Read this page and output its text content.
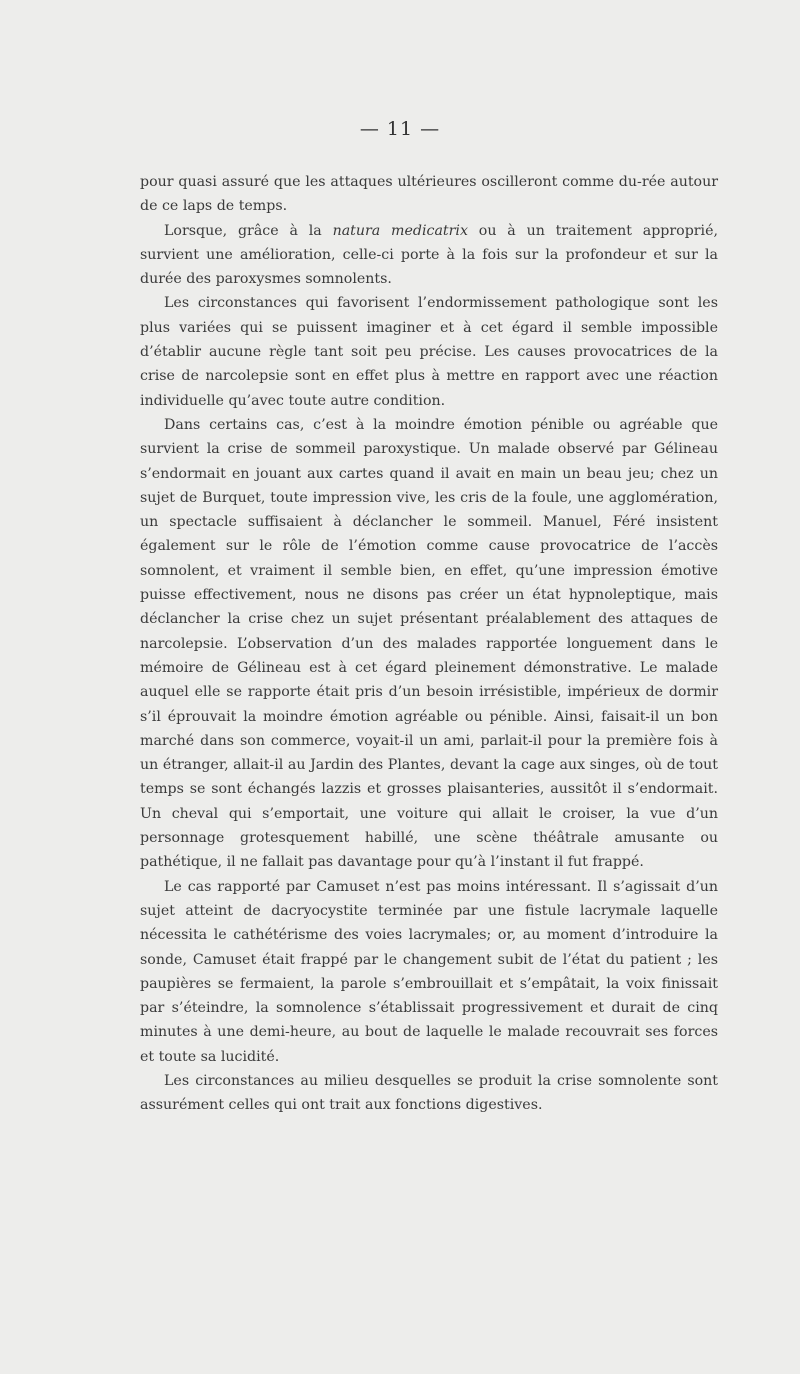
— 11 —

pour quasi assuré que les attaques ultérieures oscilleront comme du-rée autour de ce laps de temps.

Lorsque, grâce à la natura medicatrix ou à un traitement approprié, survient une amélioration, celle-ci porte à la fois sur la profondeur et sur la durée des paroxysmes somnolents.

Les circonstances qui favorisent l’endormissement pathologique sont les plus variées qui se puissent imaginer et à cet égard il semble impossible d’établir aucune règle tant soit peu précise. Les causes provocatrices de la crise de narcolepsie sont en effet plus à mettre en rapport avec une réaction individuelle qu’avec toute autre condition.

Dans certains cas, c’est à la moindre émotion pénible ou agréable que survient la crise de sommeil paroxystique. Un malade observé par Gélineau s’endormait en jouant aux cartes quand il avait en main un beau jeu; chez un sujet de Burquet, toute impression vive, les cris de la foule, une agglomération, un spectacle suffisaient à déclancher le sommeil. Manuel, Féré insistent également sur le rôle de l’émotion comme cause provocatrice de l’accès somnolent, et vraiment il semble bien, en effet, qu’une impression émotive puisse effectivement, nous ne disons pas créer un état hypnoleptique, mais déclancher la crise chez un sujet présentant préalablement des attaques de narcolepsie. L’observation d’un des malades rapportée longuement dans le mémoire de Gélineau est à cet égard pleinement démonstrative. Le malade auquel elle se rapporte était pris d’un besoin irrésistible, impérieux de dormir s’il éprouvait la moindre émotion agréable ou pénible. Ainsi, faisait-il un bon marché dans son commerce, voyait-il un ami, parlait-il pour la première fois à un étranger, allait-il au Jardin des Plantes, devant la cage aux singes, où de tout temps se sont échangés lazzis et grosses plaisanteries, aussitôt il s’endormait. Un cheval qui s’emportait, une voiture qui allait le croiser, la vue d’un personnage grotesquement habillé, une scène théâtrale amusante ou pathétique, il ne fallait pas davantage pour qu’à l’instant il fut frappé.

Le cas rapporté par Camuset n’est pas moins intéressant. Il s’agissait d’un sujet atteint de dacryocystite terminée par une fistule lacrymale laquelle nécessita le cathétérisme des voies lacrymales; or, au moment d’introduire la sonde, Camuset était frappé par le changement subit de l’état du patient ; les paupières se fermaient, la parole s’embrouillait et s’empâtait, la voix finissait par s’éteindre, la somnolence s’établissait progressivement et durait de cinq minutes à une demi-heure, au bout de laquelle le malade recouvrait ses forces et toute sa lucidité.

Les circonstances au milieu desquelles se produit la crise somnolente sont assurément celles qui ont trait aux fonctions digestives.
